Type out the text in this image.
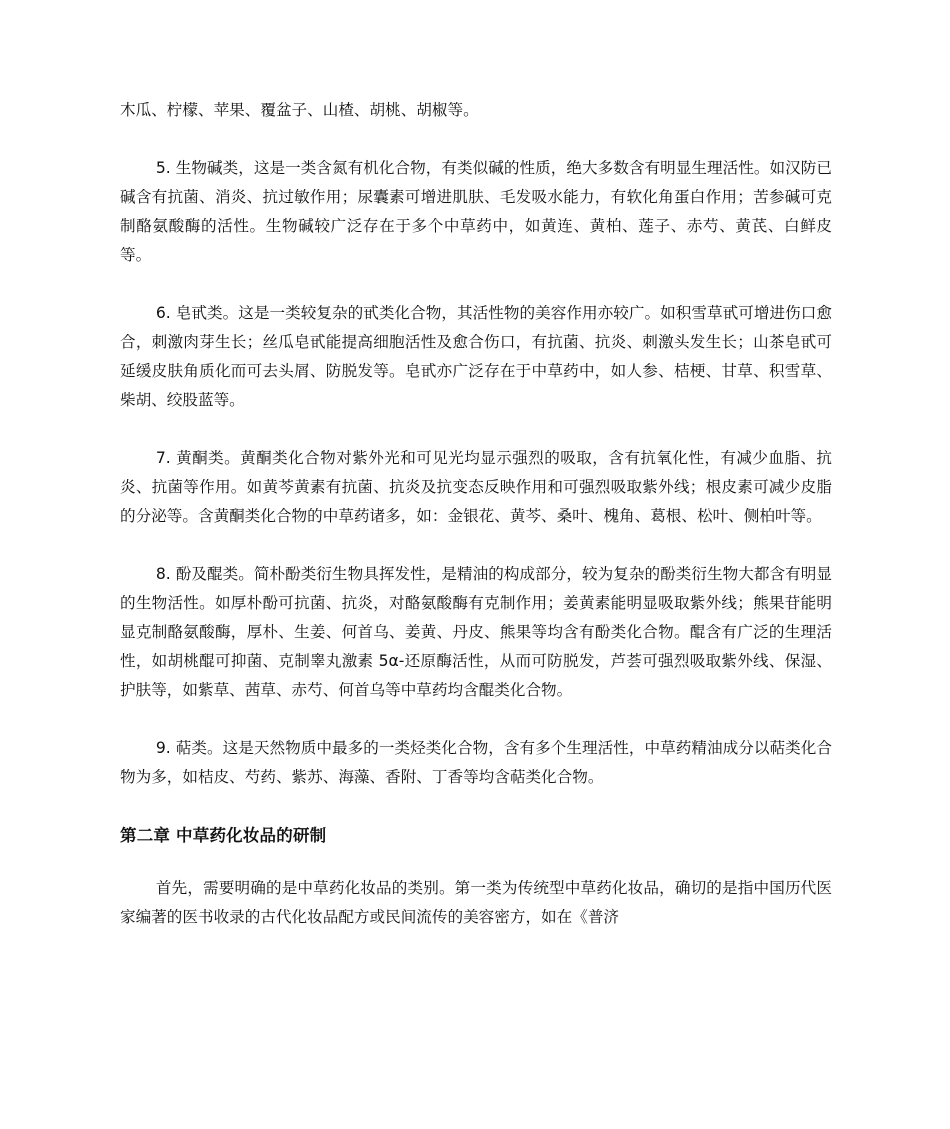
木瓜、柠檬、苹果、覆盆子、山楂、胡桃、胡椒等。

5. 生物碱类，这是一类含氮有机化合物，有类似碱的性质，绝大多数含有明显生理活性。如汉防已碱含有抗菌、消炎、抗过敏作用；尿囊素可增进肌肤、毛发吸水能力，有软化角蛋白作用；苦参碱可克制酪氨酸酶的活性。生物碱较广泛存在于多个中草药中，如黄连、黄柏、莲子、赤芍、黄芪、白鲜皮等。

6. 皂甙类。这是一类较复杂的甙类化合物，其活性物的美容作用亦较广。如积雪草甙可增进伤口愈合，刺激肉芽生长；丝瓜皂甙能提高细胞活性及愈合伤口，有抗菌、抗炎、刺激头发生长；山茶皂甙可延缓皮肤角质化而可去头屑、防脱发等。皂甙亦广泛存在于中草药中，如人参、桔梗、甘草、积雪草、柴胡、绞股蓝等。

7. 黄酮类。黄酮类化合物对紫外光和可见光均显示强烈的吸取，含有抗氧化性，有减少血脂、抗炎、抗菌等作用。如黄芩黄素有抗菌、抗炎及抗变态反映作用和可强烈吸取紫外线；根皮素可减少皮脂的分泌等。含黄酮类化合物的中草药诸多，如：金银花、黄芩、桑叶、槐角、葛根、松叶、侧柏叶等。

8. 酚及醌类。简朴酚类衍生物具挥发性，是精油的构成部分，较为复杂的酚类衍生物大都含有明显的生物活性。如厚朴酚可抗菌、抗炎，对酪氨酸酶有克制作用；姜黄素能明显吸取紫外线；熊果苷能明显克制酪氨酸酶，厚朴、生姜、何首乌、姜黄、丹皮、熊果等均含有酚类化合物。醌含有广泛的生理活性，如胡桃醌可抑菌、克制睾丸激素 5α-还原酶活性，从而可防脱发，芦荟可强烈吸取紫外线、保湿、护肤等，如紫草、茜草、赤芍、何首乌等中草药均含醌类化合物。

9. 萜类。这是天然物质中最多的一类烃类化合物，含有多个生理活性，中草药精油成分以萜类化合物为多，如桔皮、芍药、紫苏、海藻、香附、丁香等均含萜类化合物。

第二章 中草药化妆品的研制

首先，需要明确的是中草药化妆品的类别。第一类为传统型中草药化妆品，确切的是指中国历代医家编著的医书收录的古代化妆品配方或民间流传的美容密方，如在《普济
